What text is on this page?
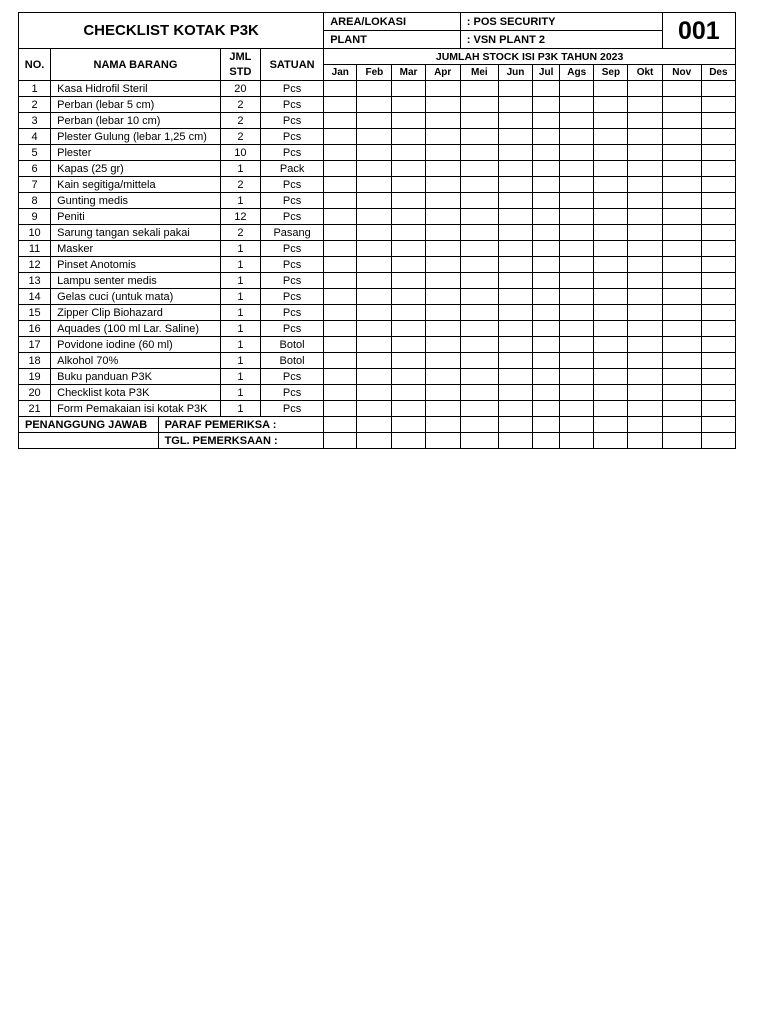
CHECKLIST KOTAK P3K					AREA/LOKASI				: POS SECURITY						001	
					PLANT				: VSN PLANT 2							
NO.	NAMA BARANG		JML
STD	SATUAN	JUMLAH STOCK ISI P3K TAHUN 2023											
					Jan	Feb	Mar	Apr	Mei	Jun	Jul	Ags	Sep	Okt	Nov	Des
1	Kasa Hidrofil Steril		20	Pcs												
2	Perban (lebar 5 cm)		2	Pcs												
3	Perban (lebar 10 cm)		2	Pcs												
4	Plester Gulung (lebar 1,25 cm)		2	Pcs												
5	Plester		10	Pcs												
6	Kapas (25 gr)		1	Pack												
7	Kain segitiga/mittela		2	Pcs												
8	Gunting medis		1	Pcs												
9	Peniti		12	Pcs												
10	Sarung tangan sekali pakai		2	Pasang												
11	Masker		1	Pcs												
12	Pinset Anotomis		1	Pcs												
13	Lampu senter medis		1	Pcs												
14	Gelas cuci (untuk mata)		1	Pcs												
15	Zipper Clip Biohazard		1	Pcs												
16	Aquades (100 ml Lar. Saline)		1	Pcs												
17	Povidone iodine (60 ml)		1	Botol												
18	Alkohol 70%		1	Botol												
19	Buku panduan P3K		1	Pcs												
20	Checklist kota P3K		1	Pcs												
21	Form Pemakaian isi kotak P3K		1	Pcs												
PENANGGUNG JAWAB		PARAF PEMERIKSA :														
		TGL. PEMERKSAAN :														
